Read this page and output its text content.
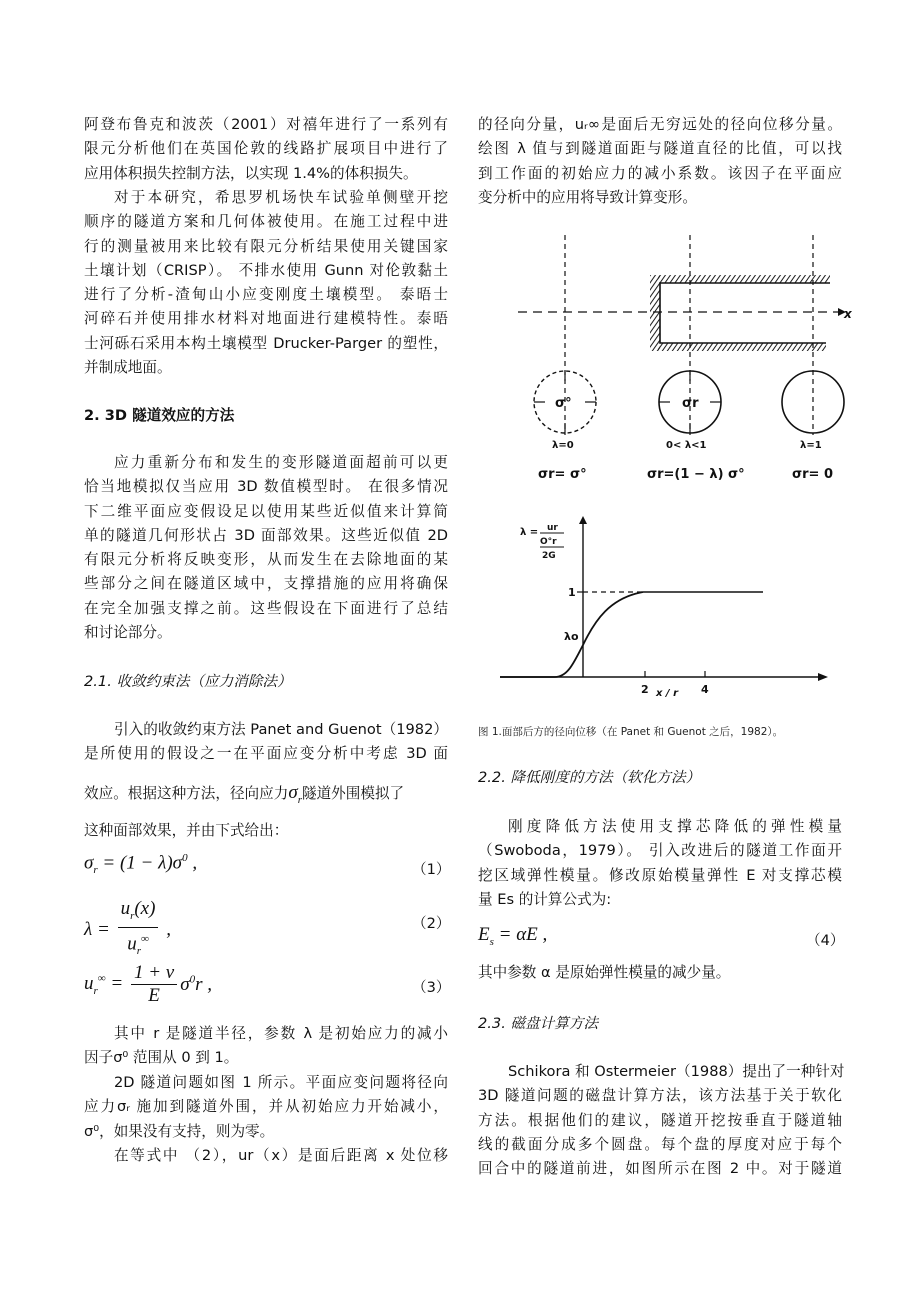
阿登布鲁克和波茨（2001）对禧年进行了一系列有
限元分析他们在英国伦敦的线路扩展项目中进行了
应用体积损失控制方法，以实现 1.4%的体积损失。
对于本研究，希思罗机场快车试验单侧壁开挖
顺序的隧道方案和几何体被使用。在施工过程中进
行的测量被用来比较有限元分析结果使用关键国家
土壤计划（CRISP）。 不排水使用 Gunn 对伦敦黏土
进行了分析-渣甸山小应变刚度土壤模型。 泰晤士
河碎石并使用排水材料对地面进行建模特性。泰晤
士河砾石采用本构土壤模型 Drucker-Parger 的塑性，
并制成地面。
2. 3D 隧道效应的方法
应力重新分布和发生的变形隧道面超前可以更
恰当地模拟仅当应用 3D 数值模型时。 在很多情况
下二维平面应变假设足以使用某些近似值来计算简
单的隧道几何形状占 3D 面部效果。这些近似值 2D
有限元分析将反映变形，从而发生在去除地面的某
些部分之间在隧道区域中，支撑措施的应用将确保
在完全加强支撑之前。这些假设在下面进行了总结
和讨论部分。
2.1. 收敛约束法（应力消除法）
引入的收敛约束方法 Panet and Guenot（1982）
是所使用的假设之一在平面应变分析中考虑 3D 面
效应。根据这种方法，径向应力$\sigma_r$隧道外围模拟了
这种面部效果，并由下式给出：
$\sigma_r = (1 - \lambda)\sigma^0$ ,	（1）
$\lambda = \frac{u_r(x)}{u_r^\infty}$ ,	（2）
$u_r^\infty = \frac{1 + v}{E} \sigma^0r$ ,	（3）
其中 r 是隧道半径，参数 λ 是初始应力的减小
因子σ⁰ 范围从 0 到 1。
2D 隧道问题如图 1 所示。平面应变问题将径向
应力σᵣ 施加到隧道外围，并从初始应力开始减小，
σ⁰，如果没有支持，则为零。
在等式中 （2），ur（x）是面后距离 x 处位移
的径向分量，uᵣ∞是面后无穷远处的径向位移分量。
绘图 λ 值与到隧道面距与隧道直径的比值，可以找
到工作面的初始应力的减小系数。该因子在平面应
变分析中的应用将导致计算变形。
x
σ°	σr
λ=0	0< λ<1	λ=1
σr= σ°	σr=(1 − λ) σ°	σr= 0
1
2	4
x / r
λo
λ = ur
O°r
2G
图 1.面部后方的径向位移（在 Panet 和 Guenot 之后，1982）。
2.2. 降低刚度的方法（软化方法）
刚度降低方法使用支撑芯降低的弹性模量
（Swoboda，1979）。 引入改进后的隧道工作面开
挖区域弹性模量。修改原始模量弹性 E 对支撑芯模
量 Es 的计算公式为:
$E_s = \alpha E$ ,	（4）
其中参数 α 是原始弹性模量的减少量。
2.3. 磁盘计算方法
Schikora 和 Ostermeier（1988）提出了一种针对
3D 隧道问题的磁盘计算方法，该方法基于关于软化
方法。根据他们的建议，隧道开挖按垂直于隧道轴
线的截面分成多个圆盘。每个盘的厚度对应于每个
回合中的隧道前进，如图所示在图 2 中。对于隧道
